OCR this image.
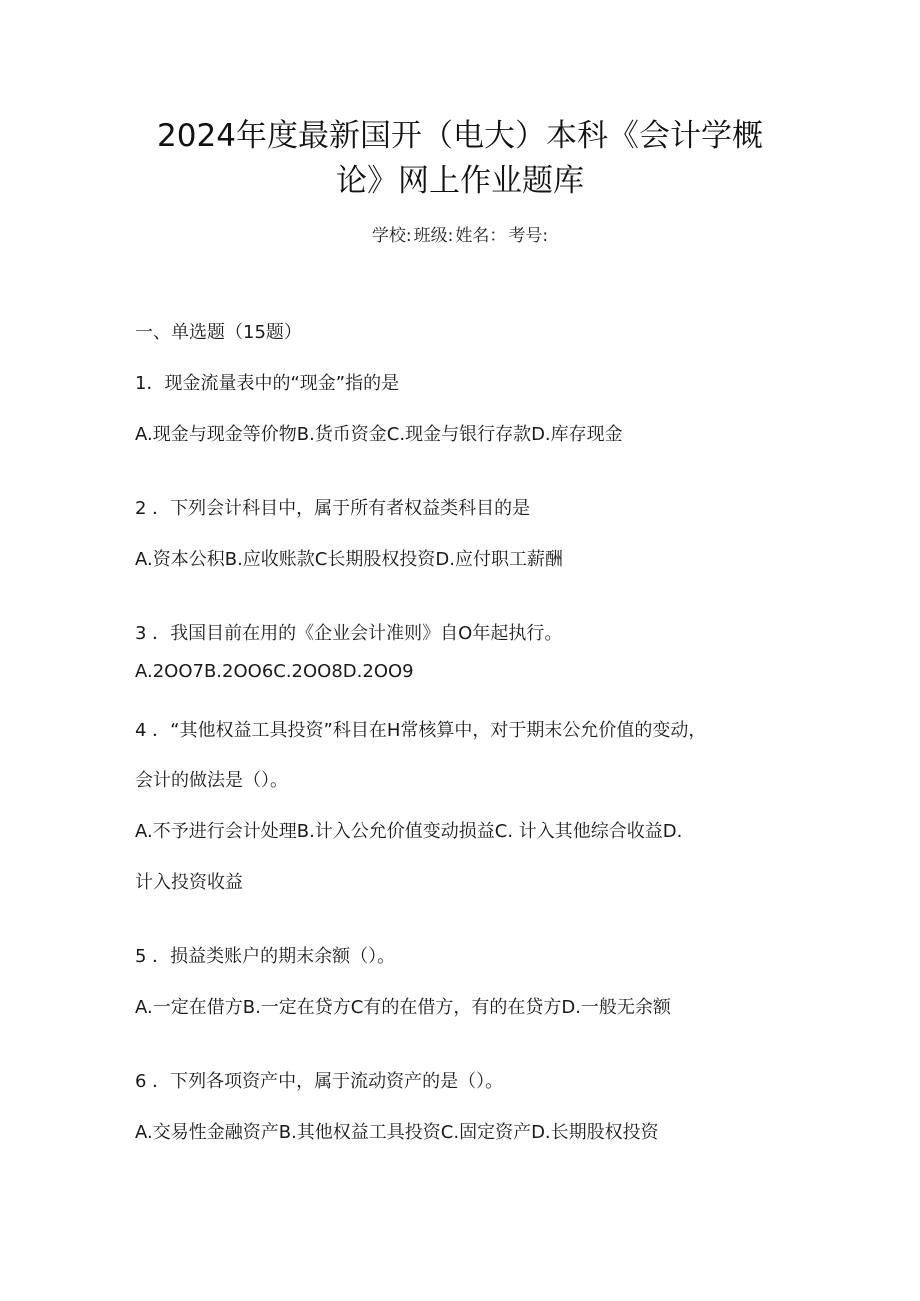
2024年度最新国开（电大）本科《会计学概
论》网上作业题库
学校: 班级: 姓名： 考号:
一、单选题（15题）
1．现金流量表中的“现金”指的是
A.现金与现金等价物B.货币资金C.现金与银行存款D.库存现金
2 ．下列会计科目中，属于所有者权益类科目的是
A.资本公积B.应收账款C长期股权投资D.应付职工薪酬
3 ．我国目前在用的《企业会计准则》自O年起执行。
A.2OO7B.2OO6C.2OO8D.2OO9
4 ．“其他权益工具投资”科目在H常核算中，对于期末公允价值的变动，
会计的做法是（）。
A.不予进行会计处理B.计入公允价值变动损益C. 计入其他综合收益D.
计入投资收益
5 ．损益类账户的期末余额（）。
A.一定在借方B.一定在贷方C有的在借方，有的在贷方D.一般无余额
6 ．下列各项资产中，属于流动资产的是（）。
A.交易性金融资产B.其他权益工具投资C.固定资产D.长期股权投资
